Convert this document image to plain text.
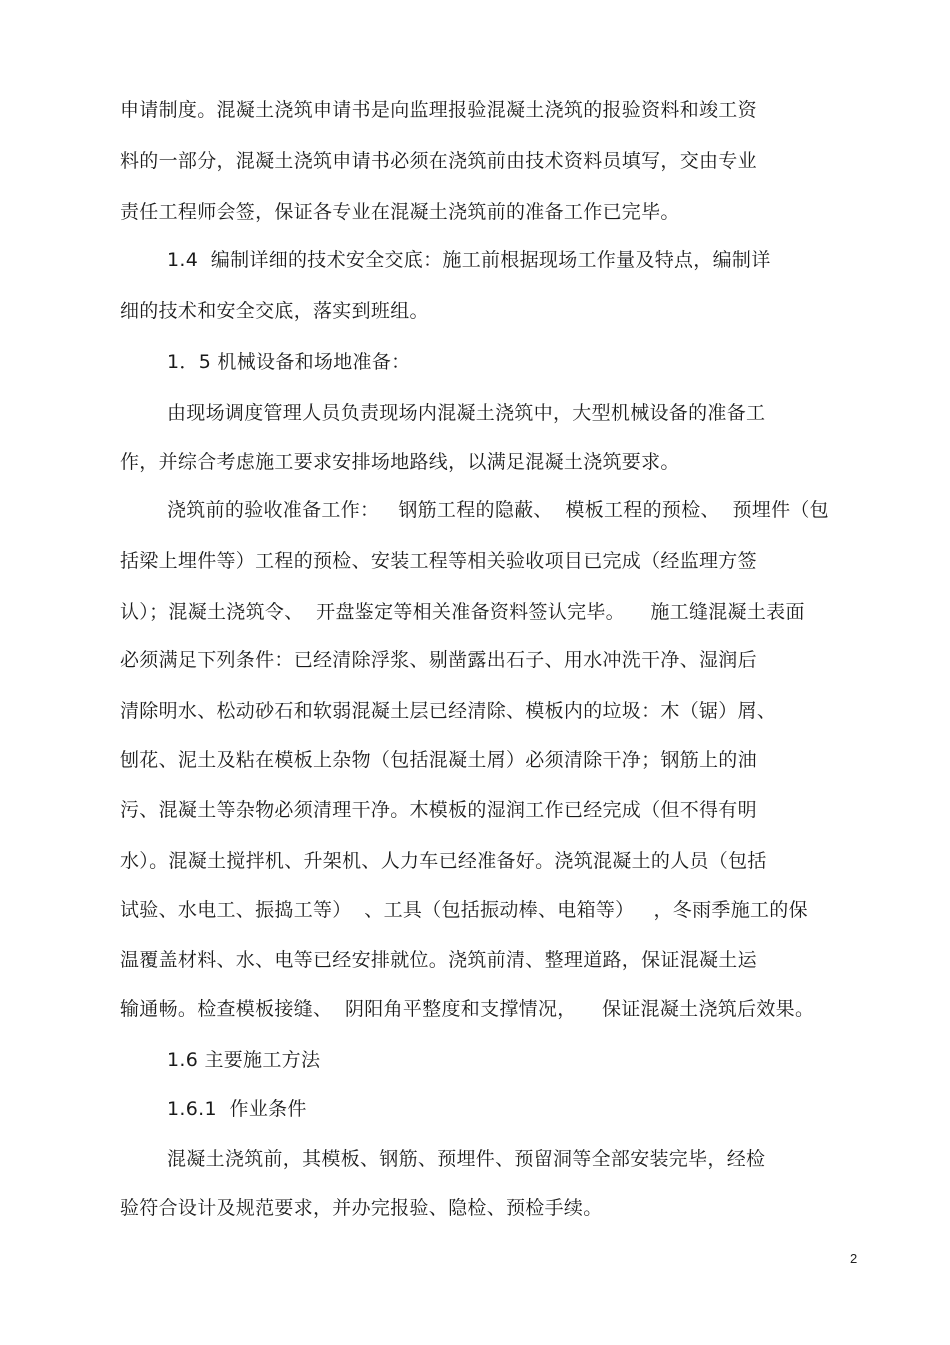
申请制度。混凝土浇筑申请书是向监理报验混凝土浇筑的报验资料和竣工资
料的一部分，混凝土浇筑申请书必须在浇筑前由技术资料员填写，交由专业
责任工程师会签，保证各专业在混凝土浇筑前的准备工作已完毕。
1.4  编制详细的技术安全交底：施工前根据现场工作量及特点，编制详
细的技术和安全交底，落实到班组。
1．5 机械设备和场地准备：
由现场调度管理人员负责现场内混凝土浇筑中，大型机械设备的准备工
作，并综合考虑施工要求安排场地路线，以满足混凝土浇筑要求。
浇筑前的验收准备工作：   钢筋工程的隐蔽、  模板工程的预检、  预埋件（包
括梁上埋件等）工程的预检、安装工程等相关验收项目已完成（经监理方签
认）；混凝土浇筑令、  开盘鉴定等相关准备资料签认完毕。    施工缝混凝土表面
必须满足下列条件：已经清除浮浆、剔凿露出石子、用水冲洗干净、湿润后
清除明水、松动砂石和软弱混凝土层已经清除、模板内的垃圾：木（锯）屑、
刨花、泥土及粘在模板上杂物（包括混凝土屑）必须清除干净；钢筋上的油
污、混凝土等杂物必须清理干净。木模板的湿润工作已经完成（但不得有明
水）。混凝土搅拌机、升架机、人力车已经准备好。浇筑混凝土的人员（包括
试验、水电工、振捣工等）  、工具（包括振动棒、电箱等）   ，冬雨季施工的保
温覆盖材料、水、电等已经安排就位。浇筑前清、整理道路，保证混凝土运
输通畅。检查模板接缝、  阴阳角平整度和支撑情况，    保证混凝土浇筑后效果。
1.6 主要施工方法
1.6.1  作业条件
混凝土浇筑前，其模板、钢筋、预埋件、预留洞等全部安装完毕，经检
验符合设计及规范要求，并办完报验、隐检、预检手续。
2
